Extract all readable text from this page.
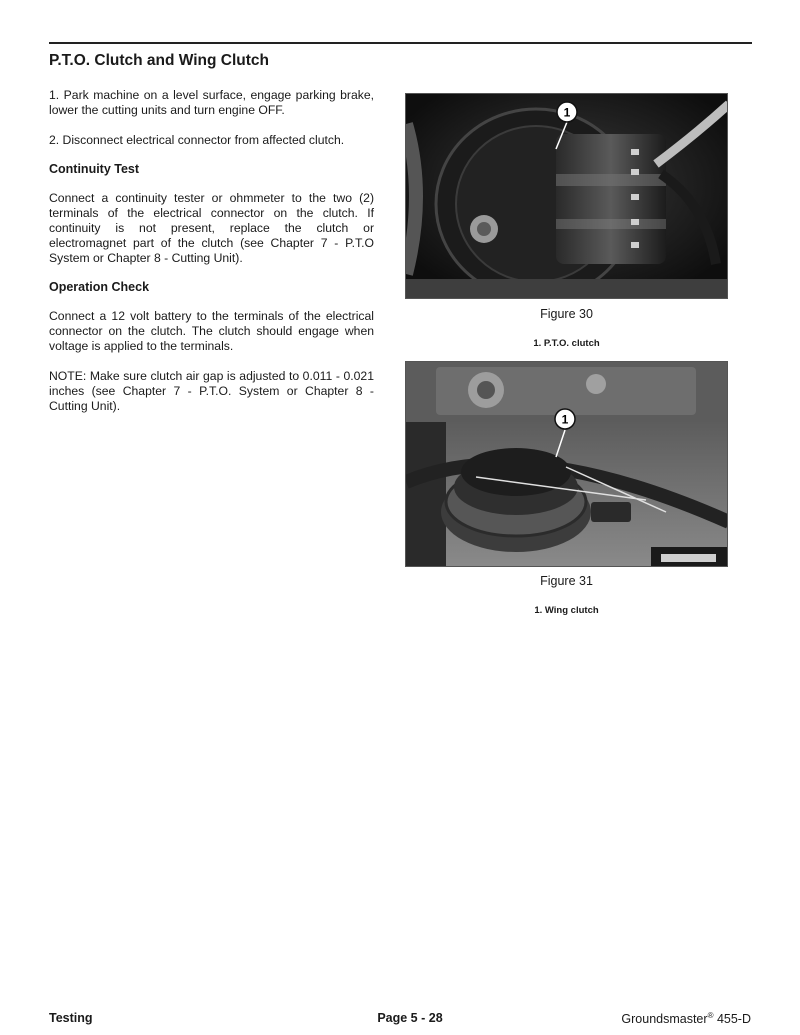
P.T.O. Clutch and Wing Clutch

1. Park machine on a level surface, engage parking brake, lower the cutting units and turn engine OFF.

2. Disconnect electrical connector from affected clutch.

Continuity Test

Connect a continuity tester or ohmmeter to the two (2) terminals of the electrical connector on the clutch. If continuity is not present, replace the clutch or electromagnet part of the clutch (see Chapter 7 - P.T.O System or Chapter 8 - Cutting Unit).

Operation Check

Connect a 12 volt battery to the terminals of the electrical connector on the clutch. The clutch should engage when voltage is applied to the terminals.

NOTE: Make sure clutch air gap is adjusted to 0.011 - 0.021 inches (see Chapter 7 - P.T.O. System or Chapter 8 - Cutting Unit).

1
Figure 30
1. P.T.O. clutch
1
Figure 31
1. Wing clutch
Testing	Page 5 - 28	Groundsmaster® 455-D
